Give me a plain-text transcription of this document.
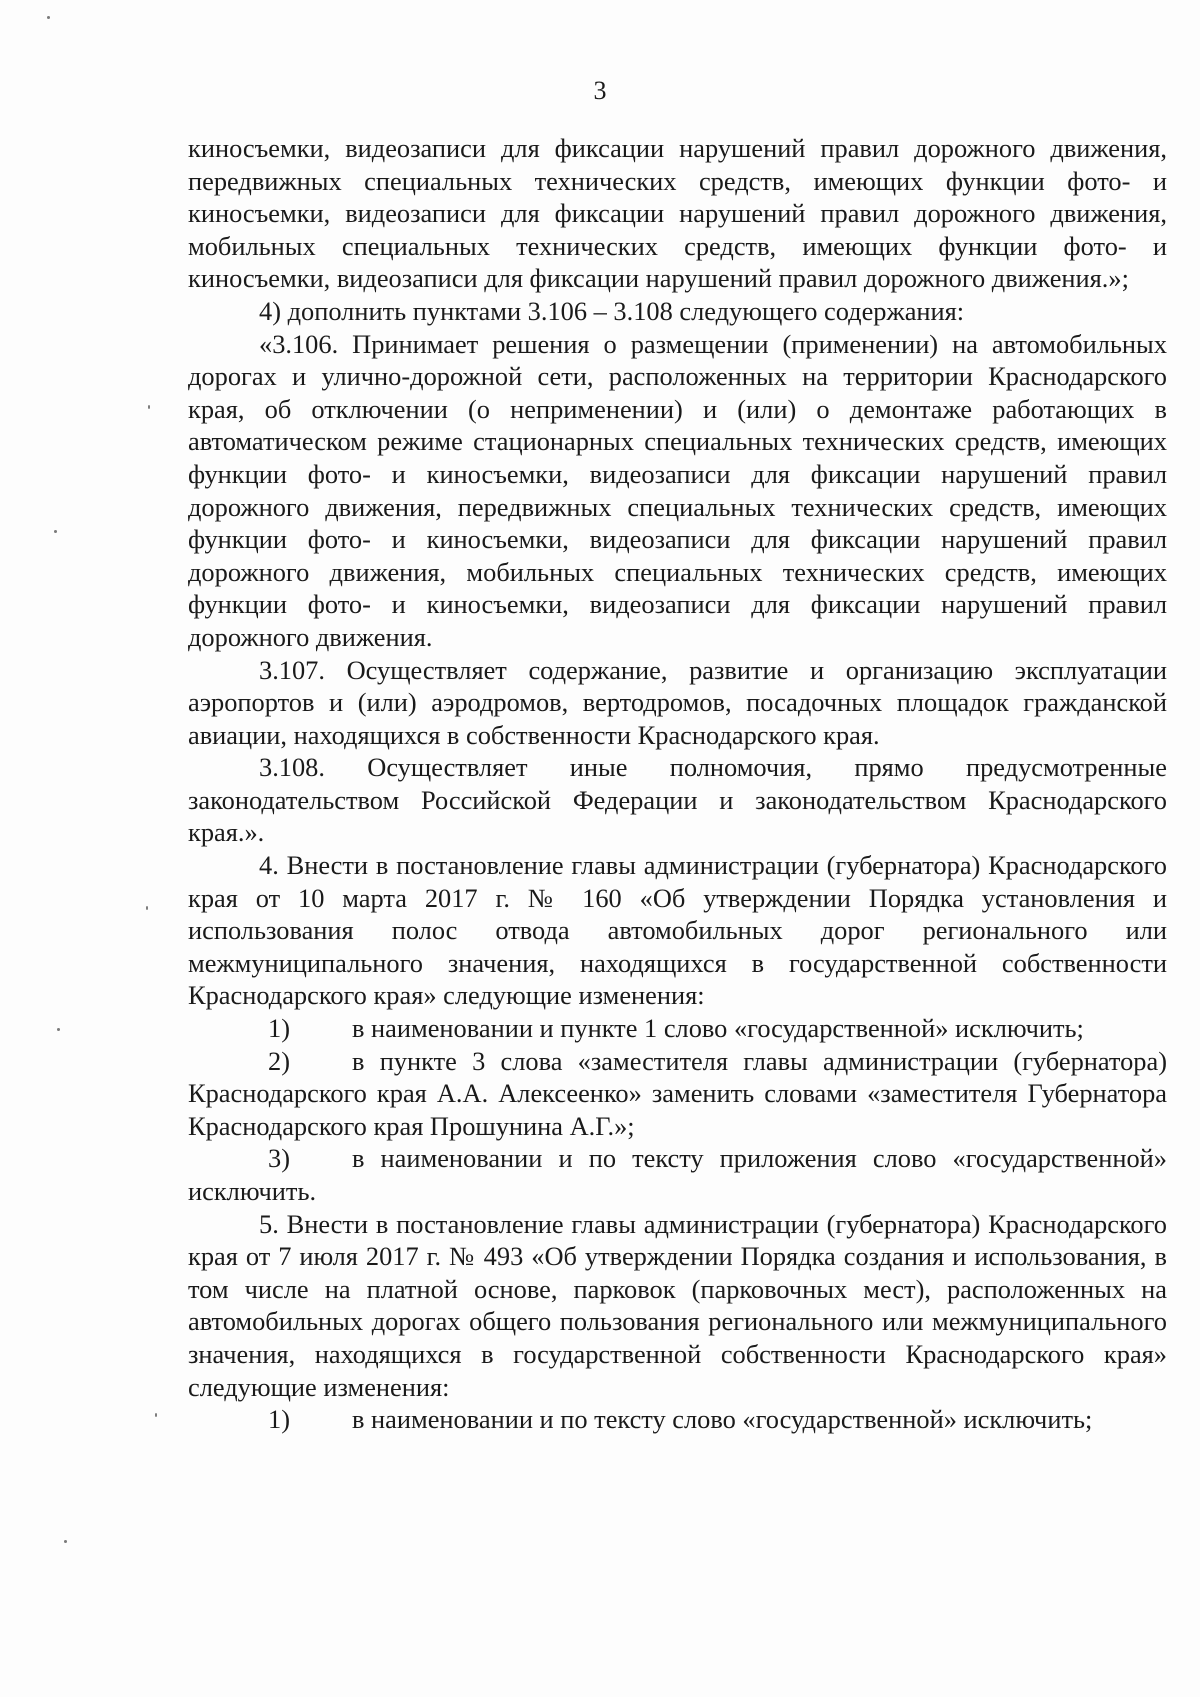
3

киносъемки, видеозаписи для фиксации нарушений правил дорожного движения, передвижных специальных технических средств, имеющих функции фото- и киносъемки, видеозаписи для фиксации нарушений правил дорожного движения, мобильных специальных технических средств, имеющих функции фото- и киносъемки, видеозаписи для фиксации нарушений правил дорожного движения.»;

4) дополнить пунктами 3.106 – 3.108 следующего содержания:

«3.106. Принимает решения о размещении (применении) на автомобильных дорогах и улично-дорожной сети, расположенных на территории Краснодарского края, об отключении (о неприменении) и (или) о демонтаже работающих в автоматическом режиме стационарных специальных технических средств, имеющих функции фото- и киносъемки, видеозаписи для фиксации нарушений правил дорожного движения, передвижных специальных технических средств, имеющих функции фото- и киносъемки, видеозаписи для фиксации нарушений правил дорожного движения, мобильных специальных технических средств, имеющих функции фото- и киносъемки, видеозаписи для фиксации нарушений правил дорожного движения.

3.107. Осуществляет содержание, развитие и организацию эксплуатации аэропортов и (или) аэродромов, вертодромов, посадочных площадок гражданской авиации, находящихся в собственности Краснодарского края.

3.108. Осуществляет иные полномочия, прямо предусмотренные законодательством Российской Федерации и законодательством Краснодарского края.».

4. Внести в постановление главы администрации (губернатора) Краснодарского края от 10 марта 2017 г. № 160 «Об утверждении Порядка установления и использования полос отвода автомобильных дорог регионального или межмуниципального значения, находящихся в государственной собственности Краснодарского края» следующие изменения:

1)	в наименовании и пункте 1 слово «государственной» исключить;

2) в пункте 3 слова «заместителя главы администрации (губернатора) Краснодарского края А.А. Алексеенко» заменить словами «заместителя Губернатора Краснодарского края Прошунина А.Г.»;

3) в наименовании и по тексту приложения слово «государственной» исключить.

5. Внести в постановление главы администрации (губернатора) Краснодарского края от 7 июля 2017 г. № 493 «Об утверждении Порядка создания и использования, в том числе на платной основе, парковок (парковочных мест), расположенных на автомобильных дорогах общего пользования регионального или межмуниципального значения, находящихся в государственной собственности Краснодарского края» следующие изменения:

1)	в наименовании и по тексту слово «государственной» исключить;
